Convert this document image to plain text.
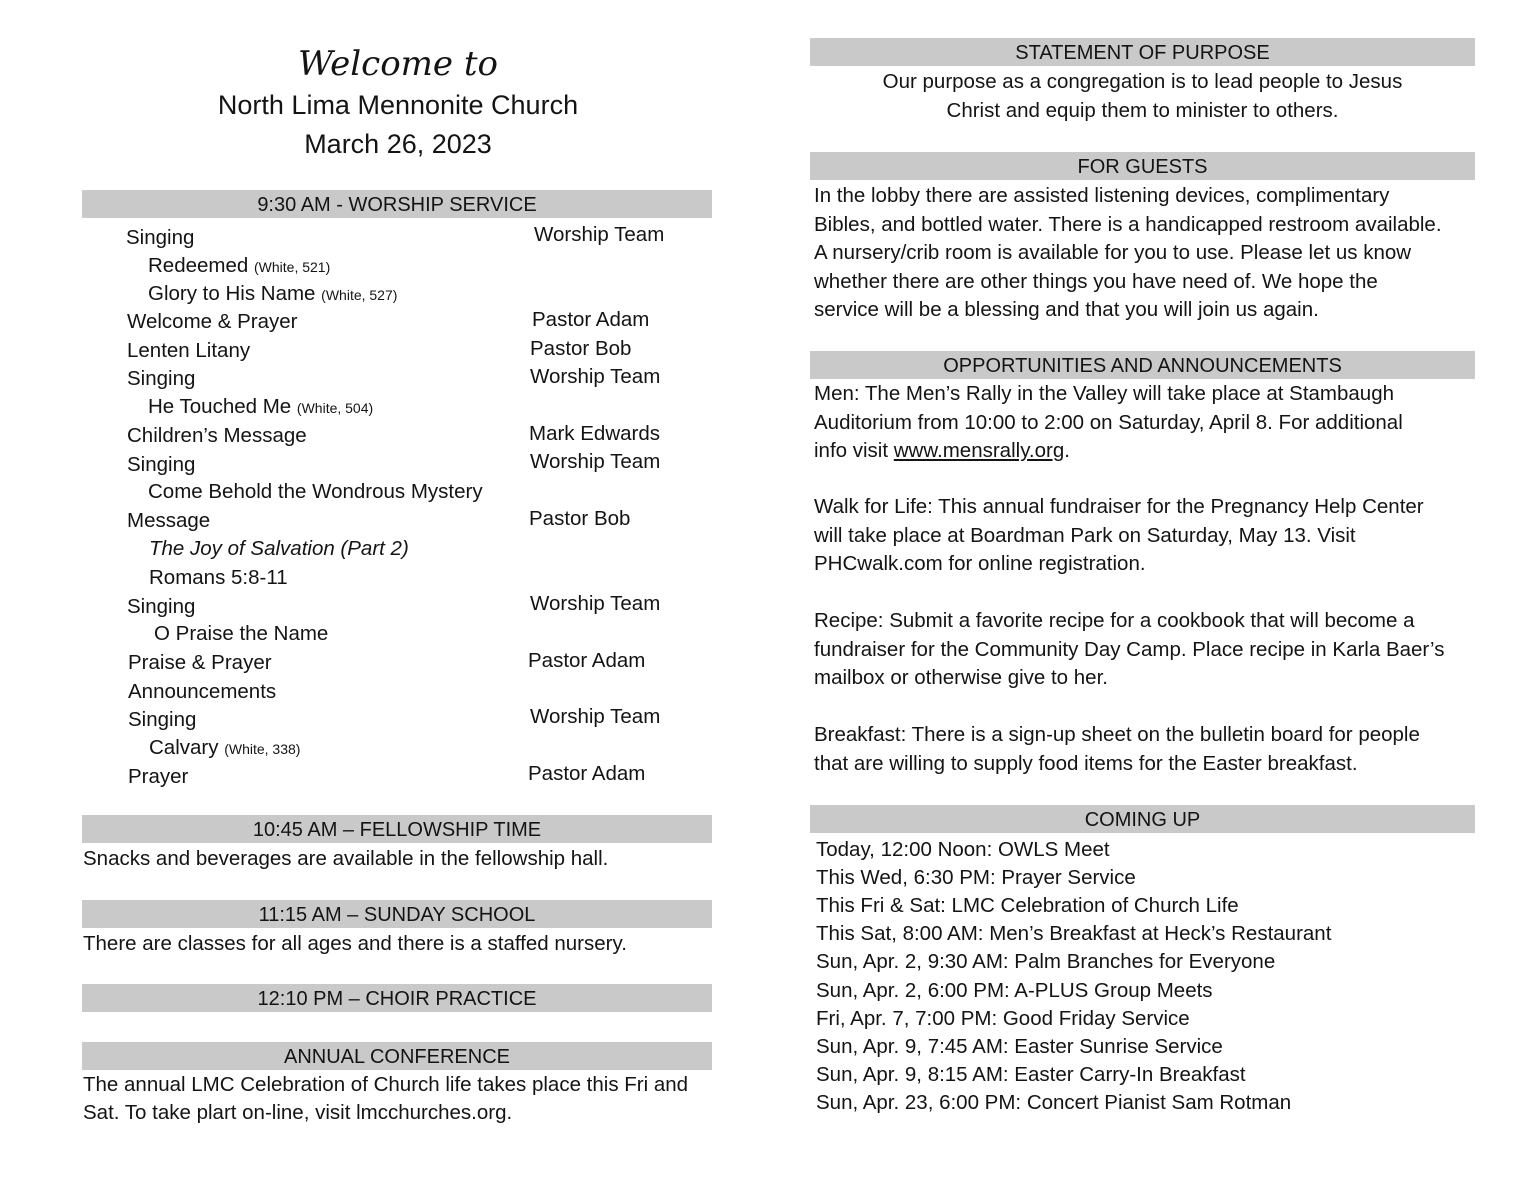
Welcome to
North Lima Mennonite Church
March 26, 2023
9:30 AM - WORSHIP SERVICE
Singing	Worship Team
Redeemed (White, 521)
Glory to His Name (White, 527)
Welcome & Prayer	Pastor Adam
Lenten Litany	Pastor Bob
Singing	Worship Team
He Touched Me (White, 504)
Children’s Message	Mark Edwards
Singing	Worship Team
Come Behold the Wondrous Mystery
Message	Pastor Bob
The Joy of Salvation (Part 2)
Romans 5:8-11
Singing	Worship Team
O Praise the Name
Praise & Prayer	Pastor Adam
Announcements
Singing	Worship Team
Calvary (White, 338)
Prayer	Pastor Adam
10:45 AM – FELLOWSHIP TIME
Snacks and beverages are available in the fellowship hall.
11:15 AM – SUNDAY SCHOOL
There are classes for all ages and there is a staffed nursery.
12:10 PM – CHOIR PRACTICE
ANNUAL CONFERENCE
The annual LMC Celebration of Church life takes place this Fri and
Sat. To take plart on-line, visit lmcchurches.org.
STATEMENT OF PURPOSE
Our purpose as a congregation is to lead people to Jesus
Christ and equip them to minister to others.
FOR GUESTS
In the lobby there are assisted listening devices, complimentary
Bibles, and bottled water. There is a handicapped restroom available.
A nursery/crib room is available for you to use. Please let us know
whether there are other things you have need of. We hope the
service will be a blessing and that you will join us again.
OPPORTUNITIES AND ANNOUNCEMENTS
Men: The Men’s Rally in the Valley will take place at Stambaugh
Auditorium from 10:00 to 2:00 on Saturday, April 8. For additional
info visit www.mensrally.org.
Walk for Life: This annual fundraiser for the Pregnancy Help Center
will take place at Boardman Park on Saturday, May 13. Visit
PHCwalk.com for online registration.
Recipe: Submit a favorite recipe for a cookbook that will become a
fundraiser for the Community Day Camp. Place recipe in Karla Baer’s
mailbox or otherwise give to her.
Breakfast: There is a sign-up sheet on the bulletin board for people
that are willing to supply food items for the Easter breakfast.
COMING UP
Today, 12:00 Noon: OWLS Meet
This Wed, 6:30 PM: Prayer Service
This Fri & Sat: LMC Celebration of Church Life
This Sat, 8:00 AM: Men’s Breakfast at Heck’s Restaurant
Sun, Apr. 2, 9:30 AM: Palm Branches for Everyone
Sun, Apr. 2, 6:00 PM: A-PLUS Group Meets
Fri, Apr. 7, 7:00 PM: Good Friday Service
Sun, Apr. 9, 7:45 AM: Easter Sunrise Service
Sun, Apr. 9, 8:15 AM: Easter Carry-In Breakfast
Sun, Apr. 23, 6:00 PM: Concert Pianist Sam Rotman
